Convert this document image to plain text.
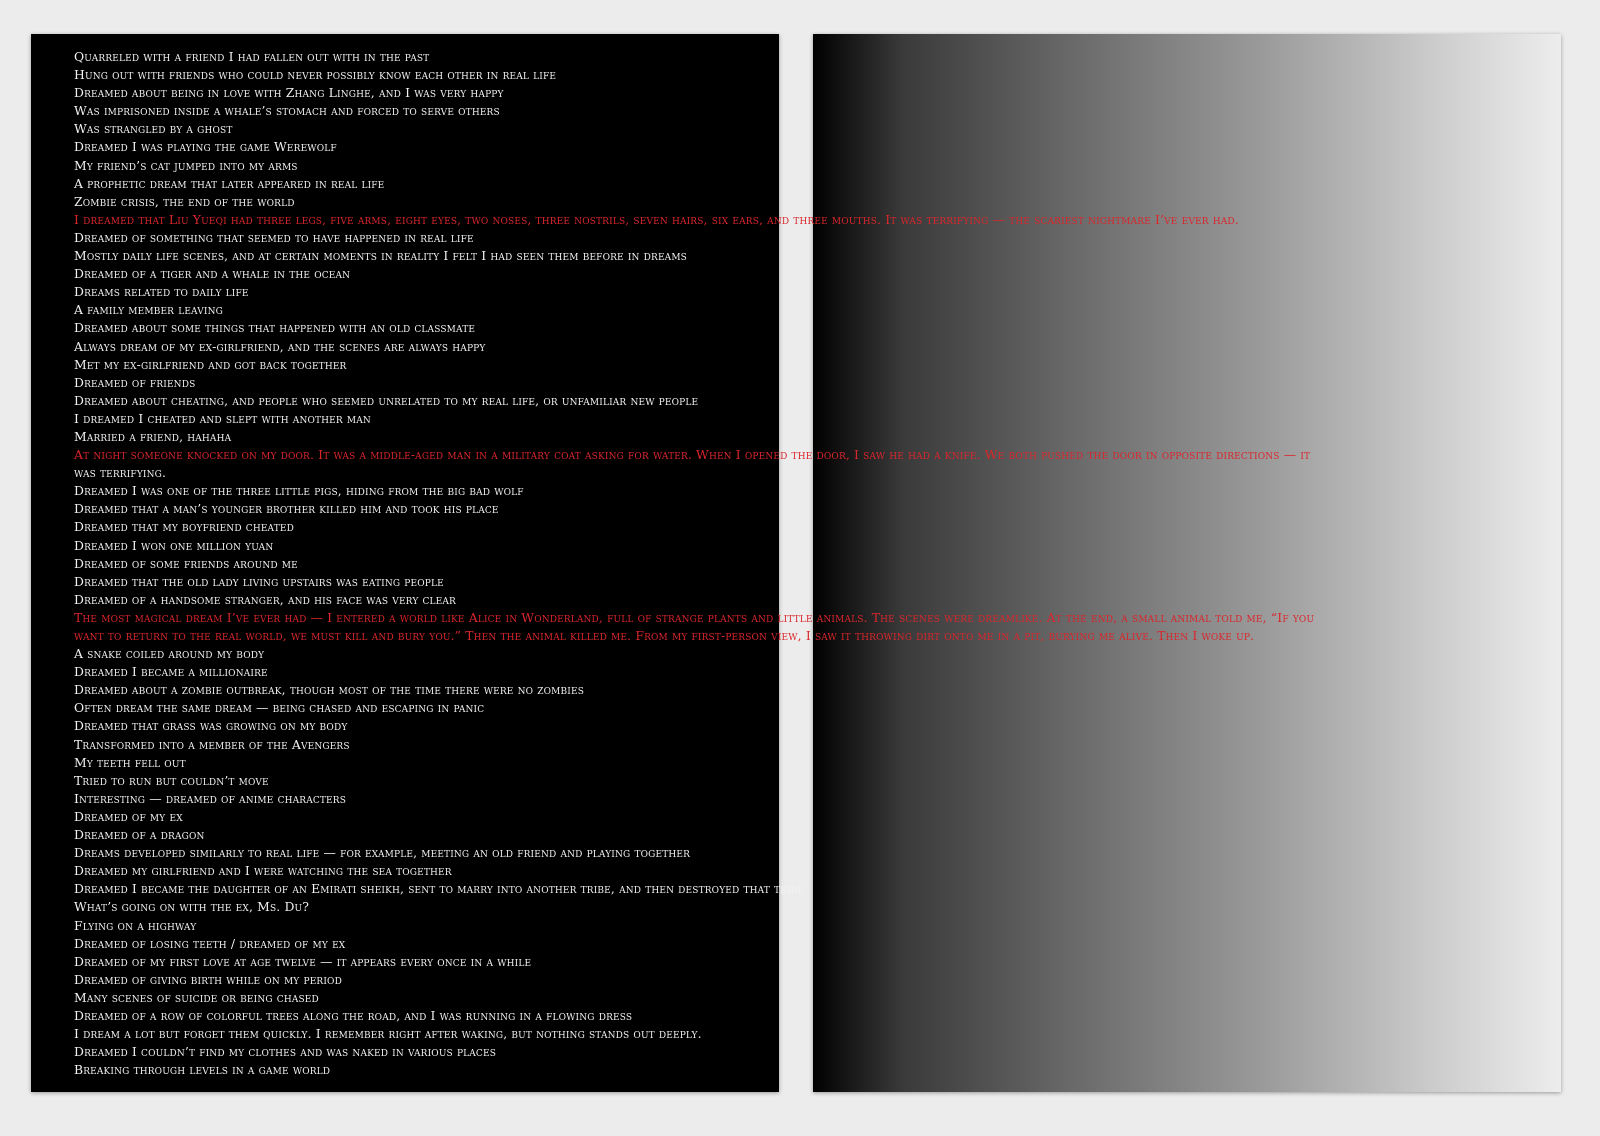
Quarreled with a friend I had fallen out with in the past
Hung out with friends who could never possibly know each other in real life
Dreamed about being in love with Zhang Linghe, and I was very happy
Was imprisoned inside a whale’s stomach and forced to serve others
Was strangled by a ghost
Dreamed I was playing the game Werewolf
My friend’s cat jumped into my arms
A prophetic dream that later appeared in real life
Zombie crisis, the end of the world
I dreamed that Liu Yueqi had three legs, five arms, eight eyes, two noses, three nostrils, seven hairs, six ears, and three mouths. It was terrifying — the scariest nightmare I’ve ever had.
Dreamed of something that seemed to have happened in real life
Mostly daily life scenes, and at certain moments in reality I felt I had seen them before in dreams
Dreamed of a tiger and a whale in the ocean
Dreams related to daily life
A family member leaving
Dreamed about some things that happened with an old classmate
Always dream of my ex-girlfriend, and the scenes are always happy
Met my ex-girlfriend and got back together
Dreamed of friends
Dreamed about cheating, and people who seemed unrelated to my real life, or unfamiliar new people
I dreamed I cheated and slept with another man
Married a friend, hahaha
At night someone knocked on my door. It was a middle-aged man in a military coat asking for water. When I opened the door, I saw he had a knife. We both pushed the door in opposite directions — it
was terrifying.
Dreamed I was one of the three little pigs, hiding from the big bad wolf
Dreamed that a man’s younger brother killed him and took his place
Dreamed that my boyfriend cheated
Dreamed I won one million yuan
Dreamed of some friends around me
Dreamed that the old lady living upstairs was eating people
Dreamed of a handsome stranger, and his face was very clear
The most magical dream I’ve ever had — I entered a world like Alice in Wonderland, full of strange plants and little animals. The scenes were dreamlike. At the end, a small animal told me, “If you
want to return to the real world, we must kill and bury you.” Then the animal killed me. From my first-person view, I saw it throwing dirt onto me in a pit, burying me alive. Then I woke up.
A snake coiled around my body
Dreamed I became a millionaire
Dreamed about a zombie outbreak, though most of the time there were no zombies
Often dream the same dream — being chased and escaping in panic
Dreamed that grass was growing on my body
Transformed into a member of the Avengers
My teeth fell out
Tried to run but couldn’t move
Interesting — dreamed of anime characters
Dreamed of my ex
Dreamed of a dragon
Dreams developed similarly to real life — for example, meeting an old friend and playing together
Dreamed my girlfriend and I were watching the sea together
Dreamed I became the daughter of an Emirati sheikh, sent to marry into another tribe, and then destroyed that tribe
What’s going on with the ex, Ms. Du?
Flying on a highway
Dreamed of losing teeth / dreamed of my ex
Dreamed of my first love at age twelve — it appears every once in a while
Dreamed of giving birth while on my period
Many scenes of suicide or being chased
Dreamed of a row of colorful trees along the road, and I was running in a flowing dress
I dream a lot but forget them quickly. I remember right after waking, but nothing stands out deeply.
Dreamed I couldn’t find my clothes and was naked in various places
Breaking through levels in a game world
